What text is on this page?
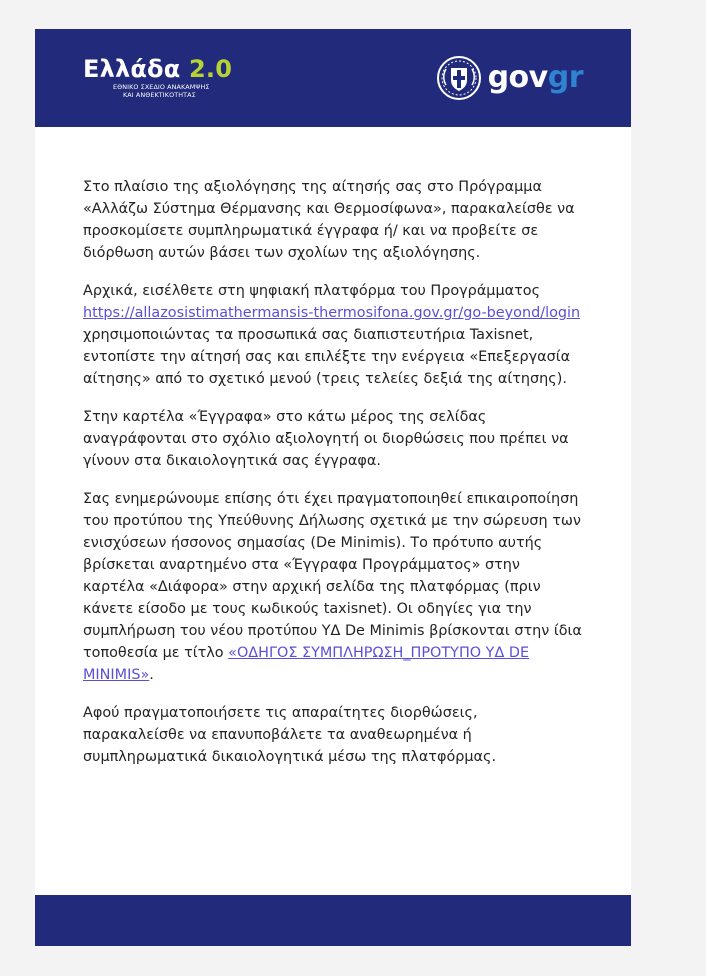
Ελλάδα 2.0
ΕΘΝΙΚΟ ΣΧΕΔΙΟ ΑΝΑΚΑΜΨΗΣ
ΚΑΙ ΑΝΘΕΚΤΙΚΟΤΗΤΑΣ	govgr

Στο πλαίσιο της αξιολόγησης της αίτησής σας στο Πρόγραμμα «Αλλάζω Σύστημα Θέρμανσης και Θερμοσίφωνα», παρακαλείσθε να προσκομίσετε συμπληρωματικά έγγραφα ή/ και να προβείτε σε διόρθωση αυτών βάσει των σχολίων της αξιολόγησης.

Αρχικά, εισέλθετε στη ψηφιακή πλατφόρμα του Προγράμματος https://allazosistimathermansis-thermosifona.gov.gr/go-beyond/login χρησιμοποιώντας τα προσωπικά σας διαπιστευτήρια Taxisnet, εντοπίστε την αίτησή σας και επιλέξτε την ενέργεια «Επεξεργασία αίτησης» από το σχετικό μενού (τρεις τελείες δεξιά της αίτησης).

Στην καρτέλα «Έγγραφα» στο κάτω μέρος της σελίδας αναγράφονται στο σχόλιο αξιολογητή οι διορθώσεις που πρέπει να γίνουν στα δικαιολογητικά σας έγγραφα.

Σας ενημερώνουμε επίσης ότι έχει πραγματοποιηθεί επικαιροποίηση του προτύπου της Υπεύθυνης Δήλωσης σχετικά με την σώρευση των ενισχύσεων ήσσονος σημασίας (De Minimis). Το πρότυπο αυτής βρίσκεται αναρτημένο στα «Έγγραφα Προγράμματος» στην καρτέλα «Διάφορα» στην αρχική σελίδα της πλατφόρμας (πριν κάνετε είσοδο με τους κωδικούς taxisnet). Οι οδηγίες για την συμπλήρωση του νέου προτύπου ΥΔ De Minimis βρίσκονται στην ίδια τοποθεσία με τίτλο «ΟΔΗΓΟΣ ΣΥΜΠΛΗΡΩΣΗ_ΠΡΟΤΥΠΟ ΥΔ DE MINIMIS».

Αφού πραγματοποιήσετε τις απαραίτητες διορθώσεις, παρακαλείσθε να επανυποβάλετε τα αναθεωρημένα ή συμπληρωματικά δικαιολογητικά μέσω της πλατφόρμας.
